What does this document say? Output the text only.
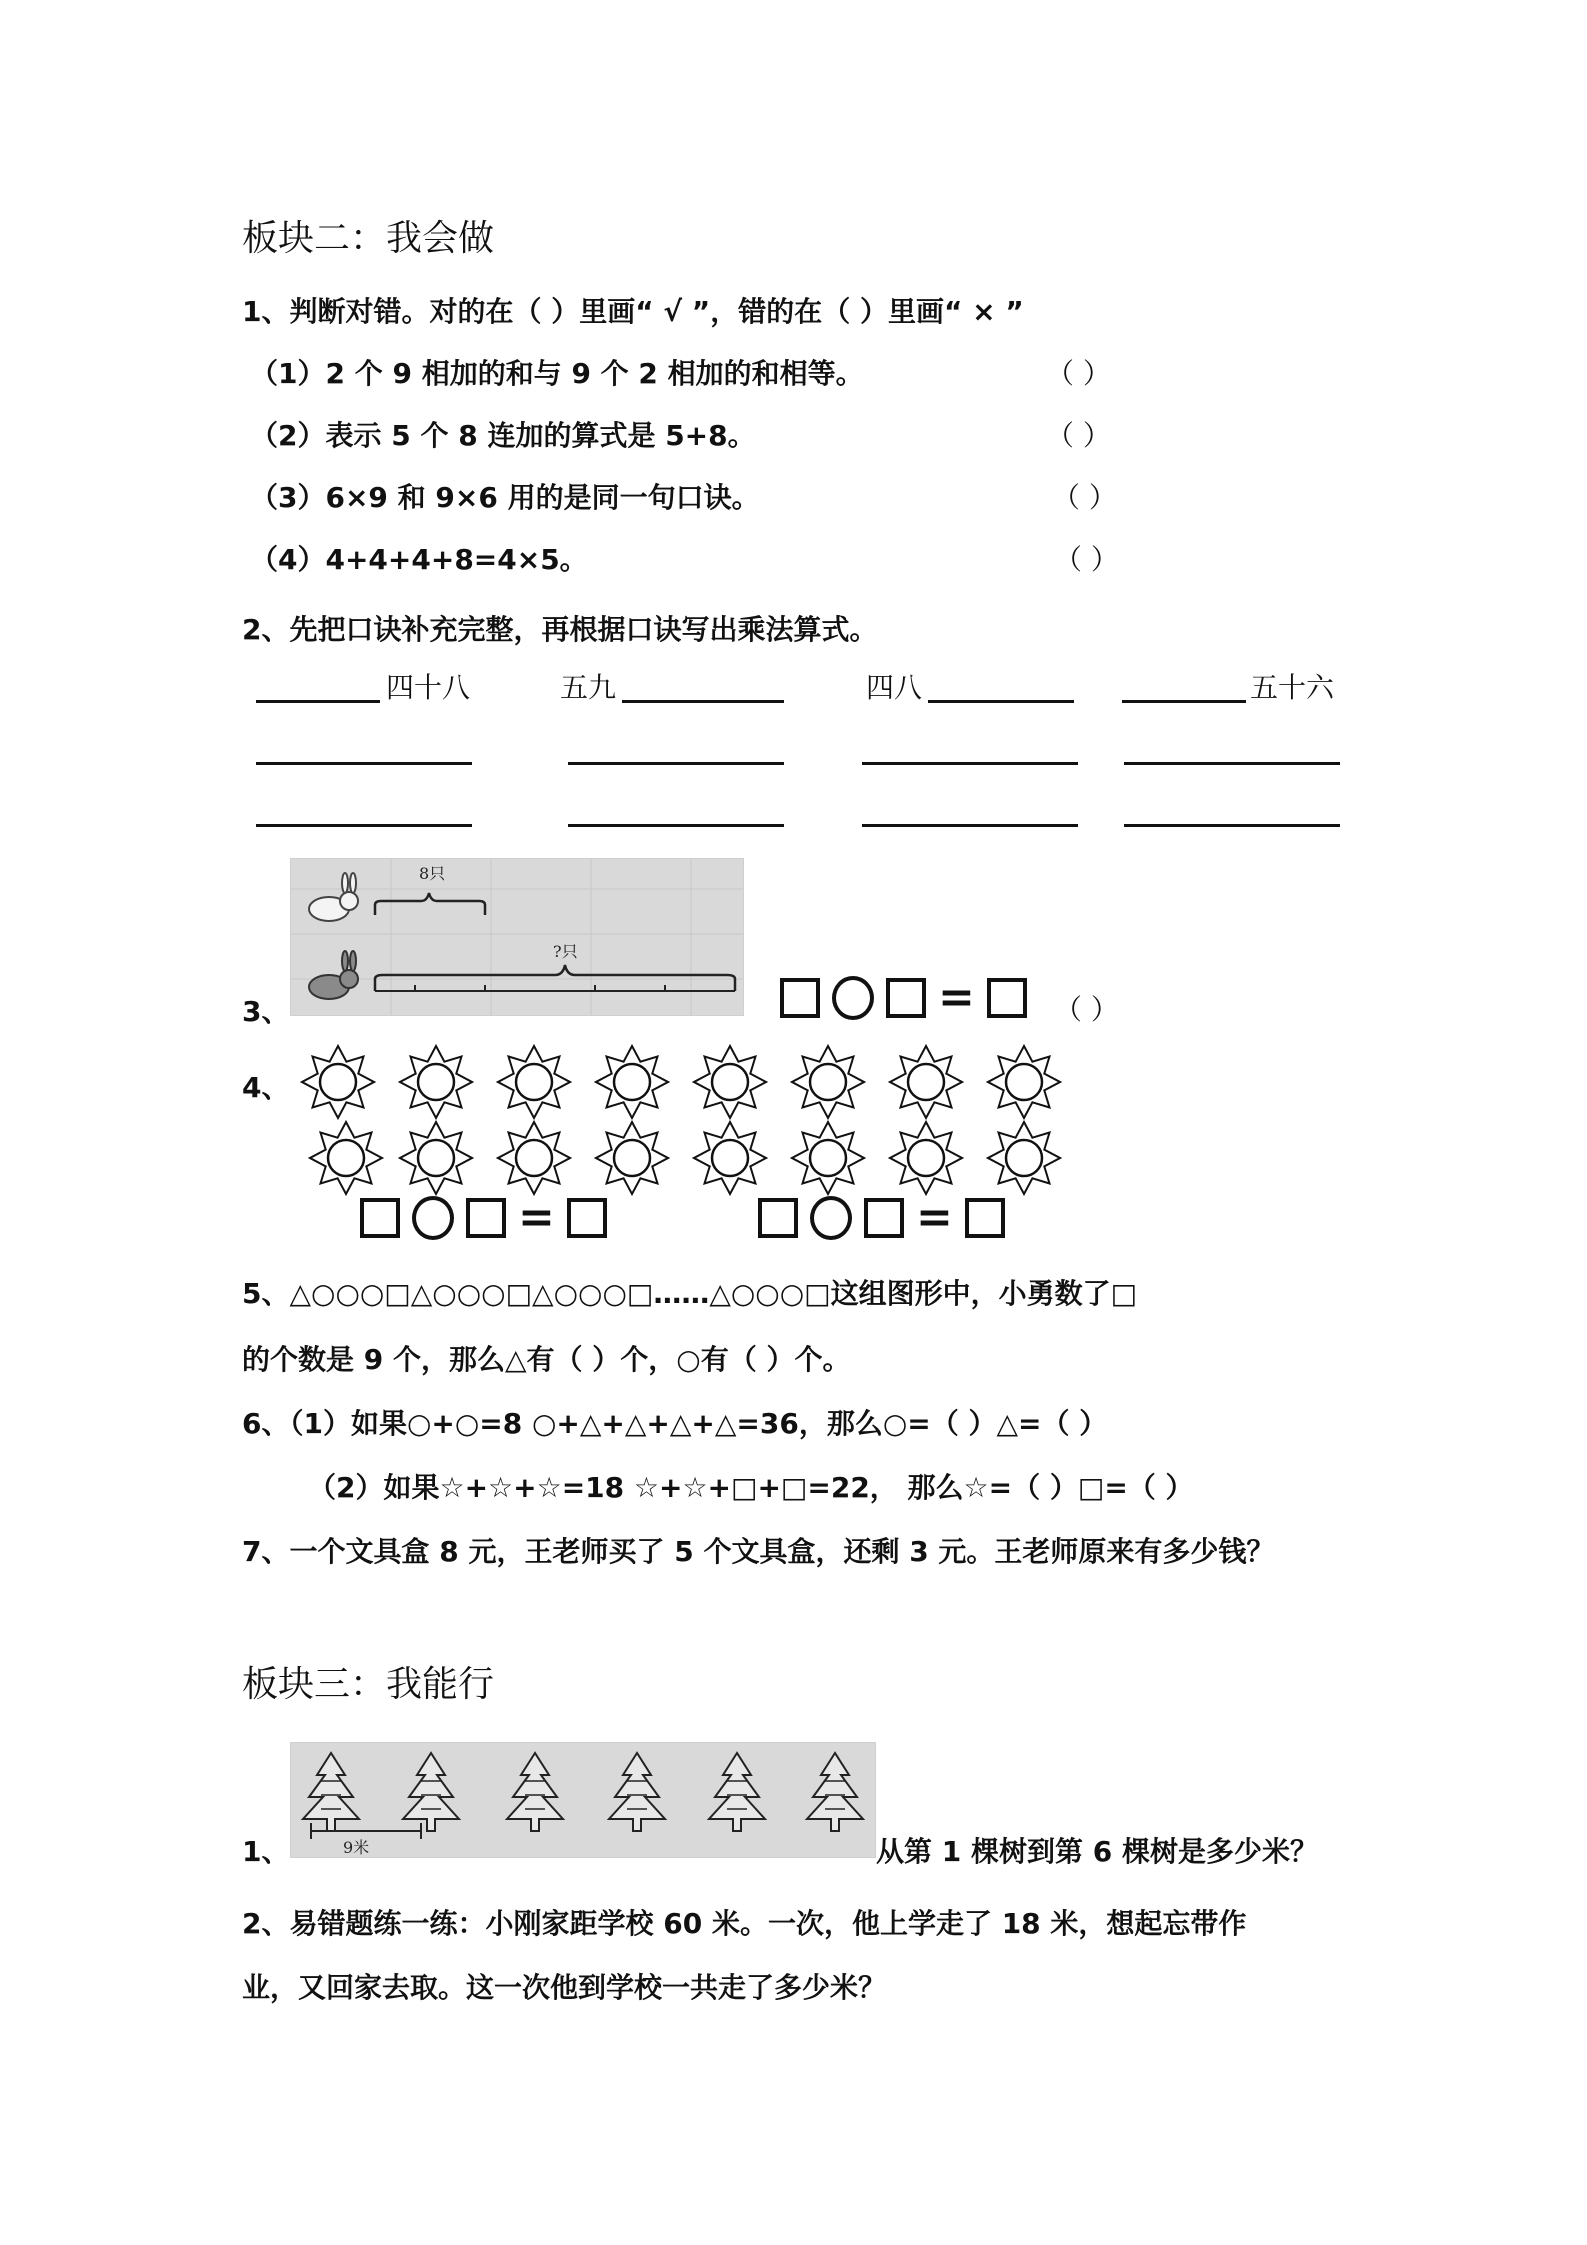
板块二：我会做
1、判断对错。对的在（ ）里画“ √ ”，错的在（ ）里画“ × ”
（1）2 个 9 相加的和与 9 个 2 相加的和相等。	（ ）
（2）表示 5 个 8 连加的算式是 5+8。	（ ）
（3）6×9 和 9×6 用的是同一句口诀。	（ ）
（4）4+4+4+8=4×5。	（ ）
2、先把口诀补充完整，再根据口诀写出乘法算式。
四十八	五九	四八	五十六
3、
8只
?只
=	（ ）
4、
=	=
5、△○○○□△○○○□△○○○□……△○○○□这组图形中，小勇数了□
的个数是 9 个，那么△有（ ）个，○有（ ）个。
6、（1）如果○+○=8 ○+△+△+△+△=36，那么○=（ ）△=（ ）
（2）如果☆+☆+☆=18 ☆+☆+□+□=22， 那么☆=（ ）□=（ ）
7、一个文具盒 8 元，王老师买了 5 个文具盒，还剩 3 元。王老师原来有多少钱？
板块三：我能行
1、	9米	从第 1 棵树到第 6 棵树是多少米？
2、易错题练一练：小刚家距学校 60 米。一次，他上学走了 18 米，想起忘带作
业，又回家去取。这一次他到学校一共走了多少米？
